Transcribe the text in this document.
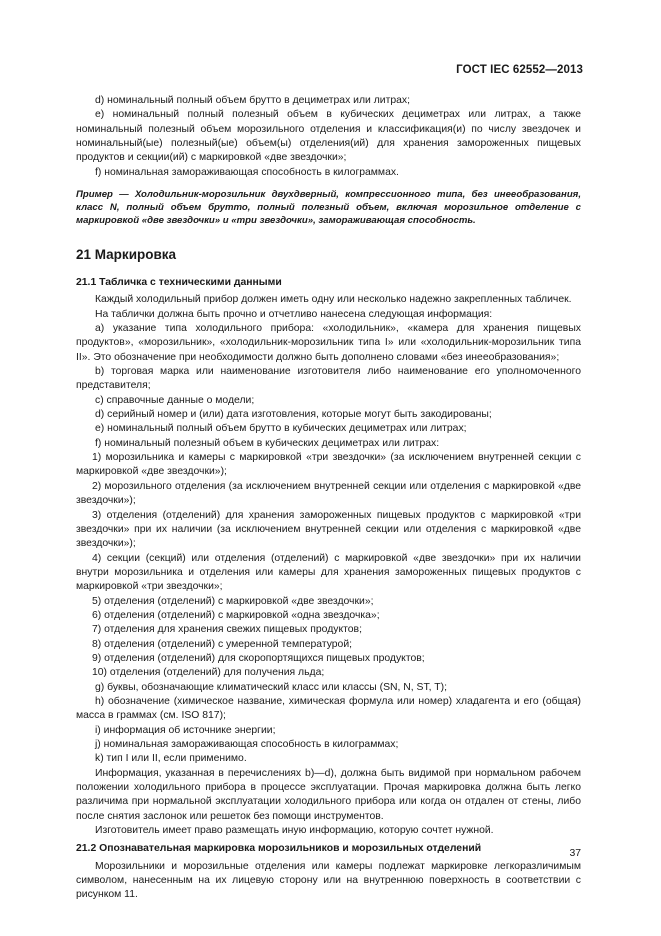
ГОСТ IEC 62552—2013

d) номинальный полный объем брутто в дециметрах или литрах;

e) номинальный полный полезный объем в кубических дециметрах или литрах, а также номинальный полезный объем морозильного отделения и классификация(и) по числу звездочек и номинальный(ые) полезный(ые) объем(ы) отделения(ий) для хранения замороженных пищевых продуктов и секции(ий) с маркировкой «две звездочки»;

f) номинальная замораживающая способность в килограммах.

Пример — Холодильник-морозильник двухдверный, компрессионного типа, без инееобразования, класс N, полный объем брутто, полный полезный объем, включая морозильное отделение с маркировкой «две звездочки» и «три звездочки», замораживающая способность.

21 Маркировка
21.1 Табличка с техническими данными

Каждый холодильный прибор должен иметь одну или несколько надежно закрепленных табличек.

На таблички должна быть прочно и отчетливо нанесена следующая информация:

a) указание типа холодильного прибора: «холодильник», «камера для хранения пищевых продуктов», «морозильник», «холодильник-морозильник типа I» или «холодильник-морозильник типа II». Это обозначение при необходимости должно быть дополнено словами «без инееобразования»;

b) торговая марка или наименование изготовителя либо наименование его уполномоченного представителя;

c) справочные данные о модели;

d) серийный номер и (или) дата изготовления, которые могут быть закодированы;

e) номинальный полный объем брутто в кубических дециметрах или литрах;

f) номинальный полезный объем в кубических дециметрах или литрах:

1) морозильника и камеры с маркировкой «три звездочки» (за исключением внутренней секции с маркировкой «две звездочки»);

2) морозильного отделения (за исключением внутренней секции или отделения с маркировкой «две звездочки»);

3) отделения (отделений) для хранения замороженных пищевых продуктов с маркировкой «три звездочки» при их наличии (за исключением внутренней секции или отделения с маркировкой «две звездочки»);

4) секции (секций) или отделения (отделений) с маркировкой «две звездочки» при их наличии внутри морозильника и отделения или камеры для хранения замороженных пищевых продуктов с маркировкой «три звездочки»;

5) отделения (отделений) с маркировкой «две звездочки»;

6) отделения (отделений) с маркировкой «одна звездочка»;

7) отделения для хранения свежих пищевых продуктов;

8) отделения (отделений) с умеренной температурой;

9) отделения (отделений) для скоропортящихся пищевых продуктов;

10) отделения (отделений) для получения льда;

g) буквы, обозначающие климатический класс или классы (SN, N, ST, T);

h) обозначение (химическое название, химическая формула или номер) хладагента и его (общая) масса в граммах (см. ISO 817);

i) информация об источнике энергии;

j) номинальная замораживающая способность в килограммах;

k) тип I или II, если применимо.

Информация, указанная в перечислениях b)—d), должна быть видимой при нормальном рабочем положении холодильного прибора в процессе эксплуатации. Прочая маркировка должна быть легко различима при нормальной эксплуатации холодильного прибора или когда он отдален от стены, либо после снятия заслонок или решеток без помощи инструментов.

Изготовитель имеет право размещать иную информацию, которую сочтет нужной.

21.2 Опознавательная маркировка морозильников и морозильных отделений

Морозильники и морозильные отделения или камеры подлежат маркировке легкоразличимым символом, нанесенным на их лицевую сторону или на внутреннюю поверхность в соответствии с рисунком 11.

37
